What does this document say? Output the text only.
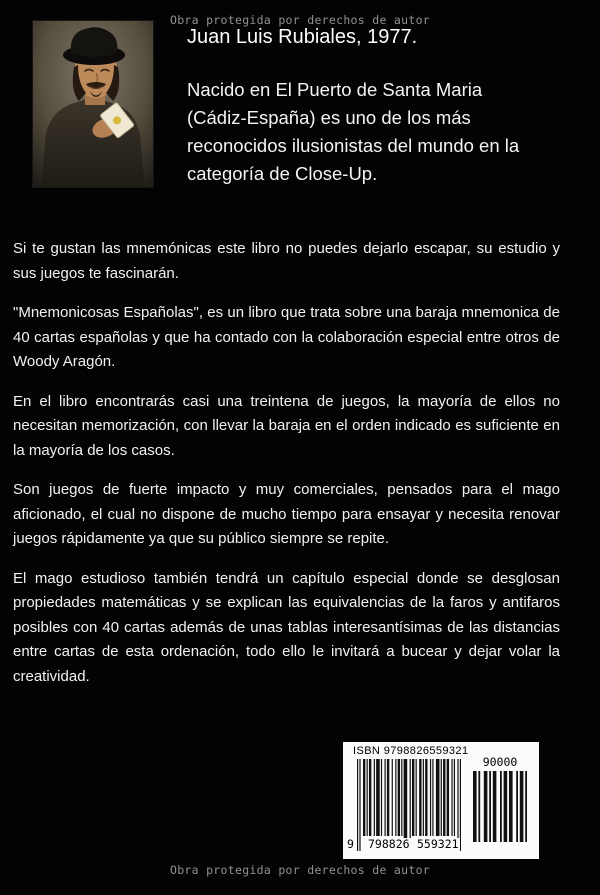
Obra protegida por derechos de autor
Juan Luis Rubiales, 1977.
Nacido en El Puerto de Santa Maria (Cádiz-España) es uno de los más reconocidos ilusionistas del mundo en la categoría de Close-Up.

Si te gustan las mnemónicas este libro no puedes dejarlo escapar, su estudio y sus juegos te fascinarán.

"Mnemonicosas Españolas", es un libro que trata sobre una baraja mnemonica de 40 cartas españolas y que ha contado con la colaboración especial entre otros de Woody Aragón.

En el libro encontrarás casi una treintena de juegos, la mayoría de ellos no necesitan memorización, con llevar la baraja en el orden indicado es suficiente en la mayoría de los casos.

Son juegos de fuerte impacto y muy comerciales, pensados para el mago aficionado, el cual no dispone de mucho tiempo para ensayar y necesita renovar juegos rápidamente ya que su público siempre se repite.

El mago estudioso también tendrá un capítulo especial donde se desglosan propiedades matemáticas y se explican las equivalencias de la faros y antifaros posibles con 40 cartas además de unas tablas interesantísimas de las distancias entre cartas de esta ordenación, todo ello le invitará a bucear y dejar volar la creatividad.

ISBN 9798826559321
9 798826 559321
90000
Obra protegida por derechos de autor
